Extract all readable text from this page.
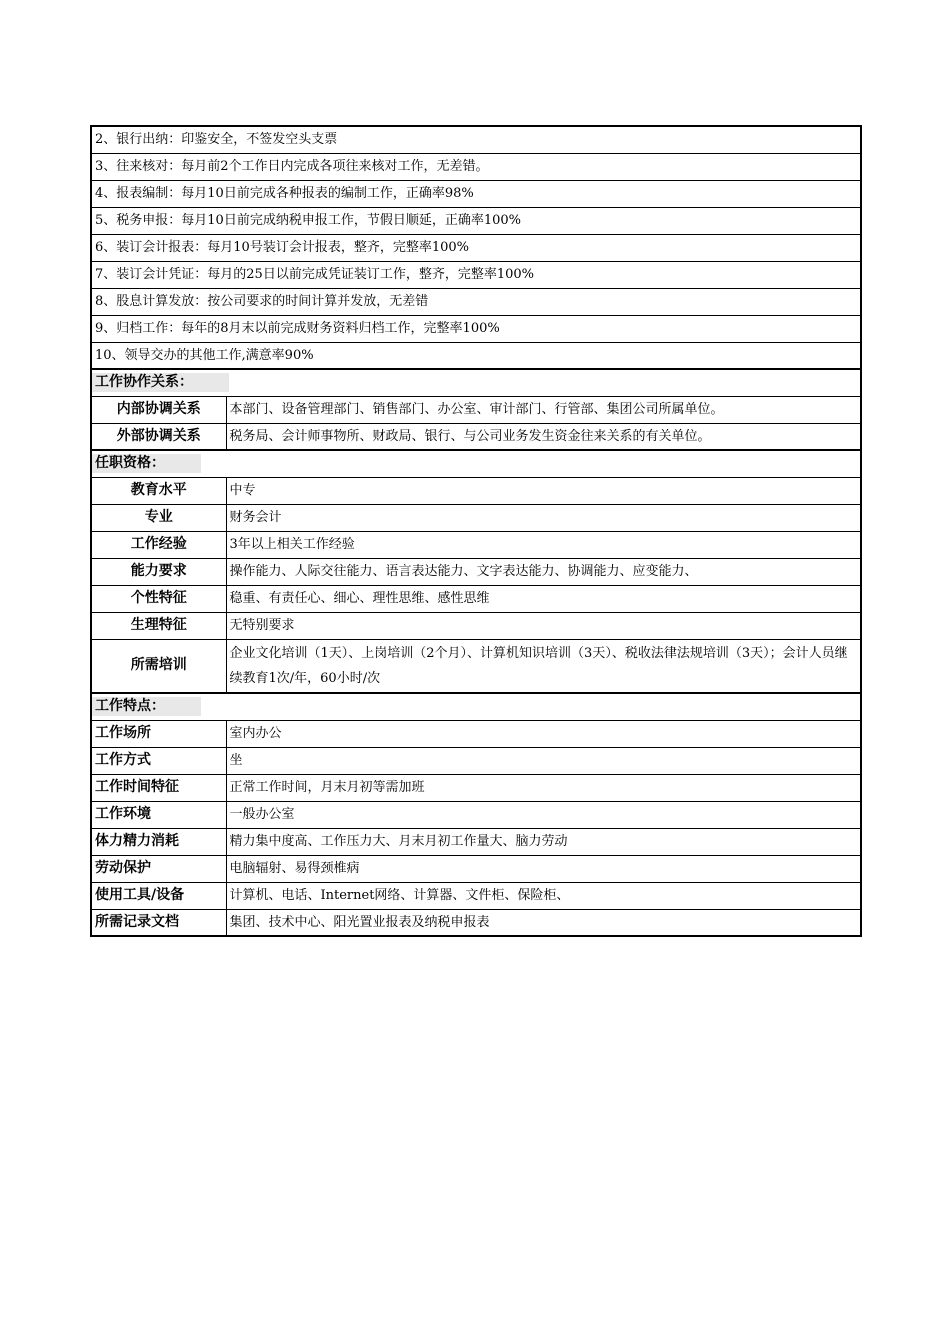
2、银行出纳：印鉴安全，不签发空头支票	
3、往来核对：每月前2个工作日内完成各项往来核对工作，无差错。	
4、报表编制：每月10日前完成各种报表的编制工作，正确率98%	
5、税务申报：每月10日前完成纳税申报工作，节假日顺延，正确率100%	
6、装订会计报表：每月10号装订会计报表，整齐，完整率100%	
7、装订会计凭证：每月的25日以前完成凭证装订工作，整齐，完整率100%	
8、股息计算发放：按公司要求的时间计算并发放，无差错	
9、归档工作：每年的8月末以前完成财务资料归档工作，完整率100%	
10、领导交办的其他工作,满意率90%	
工作协作关系：	
内部协调关系	本部门、设备管理部门、销售部门、办公室、审计部门、行管部、集团公司所属单位。
外部协调关系	税务局、会计师事物所、财政局、银行、与公司业务发生资金往来关系的有关单位。
任职资格：	
教育水平	中专
专业	财务会计
工作经验	3年以上相关工作经验
能力要求	操作能力、人际交往能力、语言表达能力、文字表达能力、协调能力、应变能力、
个性特征	稳重、有责任心、细心、理性思维、感性思维
生理特征	无特别要求
所需培训	企业文化培训（1天）、上岗培训（2个月）、计算机知识培训（3天）、税收法律法规培训（3天）；会计人员继续教育1次/年，60小时/次
工作特点：	
工作场所	室内办公
工作方式	坐
工作时间特征	正常工作时间，月末月初等需加班
工作环境	一般办公室
体力精力消耗	精力集中度高、工作压力大、月末月初工作量大、脑力劳动
劳动保护	电脑辐射、易得颈椎病
使用工具/设备	计算机、电话、Internet网络、计算器、文件柜、保险柜、
所需记录文档	集团、技术中心、阳光置业报表及纳税申报表
